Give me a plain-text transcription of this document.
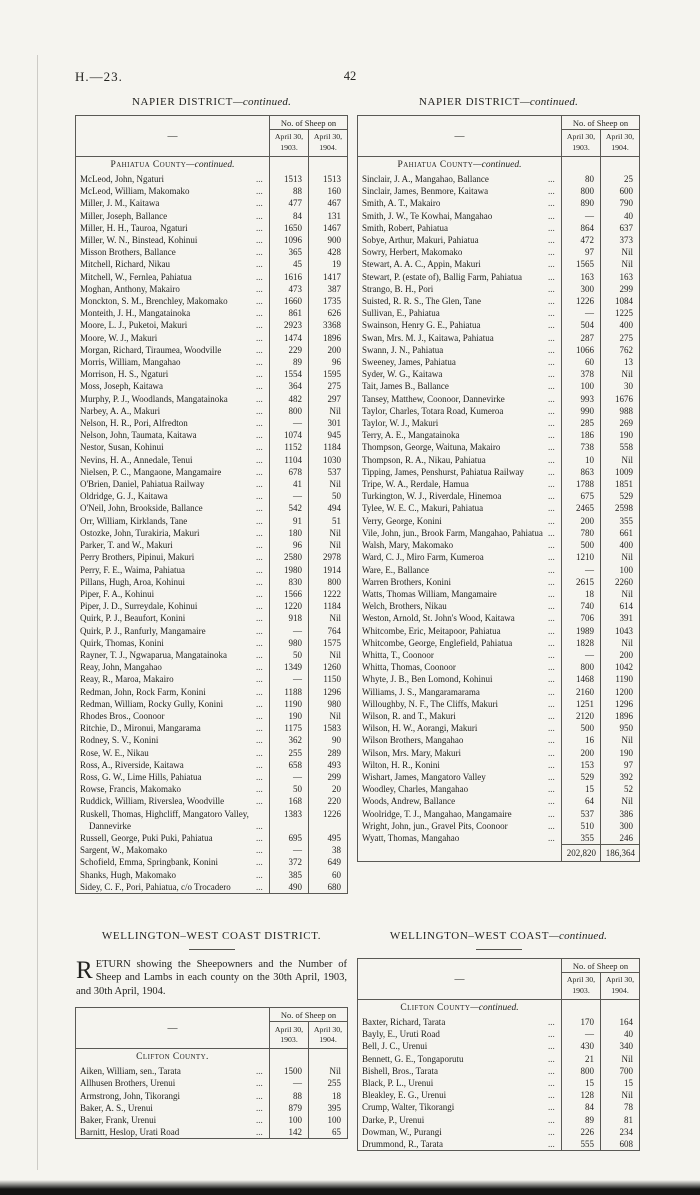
H.—23.	42
NAPIER DISTRICT—continued.
—	No. of Sheep on	
	April 30, 1903.	April 30, 1904.
Pahiatua County—continued.		
McLeod, John, Ngaturi ...	1513	1513
McLeod, William, Makomako ...	88	160
Miller, J. M., Kaitawa ...	477	467
Miller, Joseph, Ballance ...	84	131
Miller, H. H., Tauroa, Ngaturi ...	1650	1467
Miller, W. N., Binstead, Kohinui ...	1096	900
Misson Brothers, Ballance ...	365	428
Mitchell, Richard, Nikau ...	45	19
Mitchell, W., Fernlea, Pahiatua ...	1616	1417
Moghan, Anthony, Makairo ...	473	387
Monckton, S. M., Brenchley, Makomako ...	1660	1735
Monteith, J. H., Mangatainoka ...	861	626
Moore, L. J., Puketoi, Makuri ...	2923	3368
Moore, W. J., Makuri ...	1474	1896
Morgan, Richard, Tiraumea, Woodville ...	229	200
Morris, William, Mangahao ...	89	96
Morrison, H. S., Ngaturi ...	1554	1595
Moss, Joseph, Kaitawa ...	364	275
Murphy, P. J., Woodlands, Mangatainoka ...	482	297
Narbey, A. A., Makuri ...	800	Nil
Nelson, H. R., Pori, Alfredton ...	—	301
Nelson, John, Taumata, Kaitawa ...	1074	945
Nestor, Susan, Kohinui ...	1152	1184
Nevins, H. A., Annedale, Tenui ...	1104	1030
Nielsen, P. C., Mangaone, Mangamaire ...	678	537
O'Brien, Daniel, Pahiatua Railway ...	41	Nil
Oldridge, G. J., Kaitawa ...	—	50
O'Neil, John, Brookside, Ballance ...	542	494
Orr, William, Kirklands, Tane ...	91	51
Ostozke, John, Turakiria, Makuri ...	180	Nil
Parker, T. and W., Makuri ...	96	Nil
Perry Brothers, Pipinui, Makuri ...	2580	2978
Perry, F. E., Waima, Pahiatua ...	1980	1914
Pillans, Hugh, Aroa, Kohinui ...	830	800
Piper, F. A., Kohinui ...	1566	1222
Piper, J. D., Surreydale, Kohinui ...	1220	1184
Quirk, P. J., Beaufort, Konini ...	918	Nil
Quirk, P. J., Ranfurly, Mangamaire ...	—	764
Quirk, Thomas, Konini ...	980	1575
Rayner, T. J., Ngwaparua, Mangatainoka ...	50	Nil
Reay, John, Mangahao ...	1349	1260
Reay, R., Maroa, Makairo ...	—	1150
Redman, John, Rock Farm, Konini ...	1188	1296
Redman, William, Rocky Gully, Konini ...	1190	980
Rhodes Bros., Coonoor ...	190	Nil
Ritchie, D., Mironui, Mangarama ...	1175	1583
Rodney, S. V., Konini ...	362	90
Rose, W. E., Nikau ...	255	289
Ross, A., Riverside, Kaitawa ...	658	493
Ross, G. W., Lime Hills, Pahiatua ...	—	299
Rowse, Francis, Makomako ...	50	20
Ruddick, William, Riverslea, Woodville ...	168	220
Ruskell, Thomas, Highcliff, Mangatoro Valley, Dannevirke ...	1383	1226
Russell, George, Puki Puki, Pahiatua ...	695	495
Sargent, W., Makomako ...	—	38
Schofield, Emma, Springbank, Konini ...	372	649
Shanks, Hugh, Makomako ...	385	60
Sidey, C. F., Pori, Pahiatua, c/o Trocadero ...	490	680
NAPIER DISTRICT—continued.
—	No. of Sheep on	
	April 30, 1903.	April 30, 1904.
Pahiatua County—continued.		
Sinclair, J. A., Mangahao, Ballance ...	80	25
Sinclair, James, Benmore, Kaitawa ...	800	600
Smith, A. T., Makairo ...	890	790
Smith, J. W., Te Kowhai, Mangahao ...	—	40
Smith, Robert, Pahiatua ...	864	637
Sobye, Arthur, Makuri, Pahiatua ...	472	373
Sowry, Herbert, Makomako ...	97	Nil
Stewart, A. A. C., Appin, Makuri ...	1565	Nil
Stewart, P. (estate of), Ballig Farm, Pahiatua ...	163	163
Strango, B. H., Pori ...	300	299
Suisted, R. R. S., The Glen, Tane ...	1226	1084
Sullivan, E., Pahiatua ...	—	1225
Swainson, Henry G. E., Pahiatua ...	504	400
Swan, Mrs. M. J., Kaitawa, Pahiatua ...	287	275
Swann, J. N., Pahiatua ...	1066	762
Sweeney, James, Pahiatua ...	60	13
Syder, W. G., Kaitawa ...	378	Nil
Tait, James B., Ballance ...	100	30
Tansey, Matthew, Coonoor, Dannevirke ...	993	1676
Taylor, Charles, Totara Road, Kumeroa ...	990	988
Taylor, W. J., Makuri ...	285	269
Terry, A. E., Mangatainoka ...	186	190
Thompson, George, Waituna, Makairo ...	738	558
Thompson, R. A., Nikau, Pahiatua ...	10	Nil
Tipping, James, Penshurst, Pahiatua Railway ...	863	1009
Tripe, W. A., Rerdale, Hamua ...	1788	1851
Turkington, W. J., Riverdale, Hinemoa ...	675	529
Tylee, W. E. C., Makuri, Pahiatua ...	2465	2598
Verry, George, Konini ...	200	355
Vile, John, jun., Brook Farm, Mangahao, Pahiatua ...	780	661
Walsh, Mary, Makomako ...	500	400
Ward, C. J., Miro Farm, Kumeroa ...	1210	Nil
Ware, E., Ballance ...	—	100
Warren Brothers, Konini ...	2615	2260
Watts, Thomas William, Mangamaire ...	18	Nil
Welch, Brothers, Nikau ...	740	614
Weston, Arnold, St. John's Wood, Kaitawa ...	706	391
Whitcombe, Eric, Meitapoor, Pahiatua ...	1989	1043
Whitcombe, George, Englefield, Pahiatua ...	1828	Nil
Whitta, T., Coonoor ...	—	200
Whitta, Thomas, Coonoor ...	800	1042
Whyte, J. B., Ben Lomond, Kohinui ...	1468	1190
Williams, J. S., Mangaramarama ...	2160	1200
Willoughby, N. F., The Cliffs, Makuri ...	1251	1296
Wilson, R. and T., Makuri ...	2120	1896
Wilson, H. W., Aorangi, Makuri ...	500	950
Wilson Brothers, Mangahao ...	16	Nil
Wilson, Mrs. Mary, Makuri ...	200	190
Wilton, H. R., Konini ...	153	97
Wishart, James, Mangatoro Valley ...	529	392
Woodley, Charles, Mangahao ...	15	52
Woods, Andrew, Ballance ...	64	Nil
Woolridge, T. J., Mangahao, Mangamaire ...	537	386
Wright, John, jun., Gravel Pits, Coonoor ...	510	300
Wyatt, Thomas, Mangahao ...	355	246
	202,820	186,364
WELLINGTON–WEST COAST DISTRICT.

RETURN showing the Sheepowners and the Number of Sheep and Lambs in each county on the 30th April, 1903, and 30th April, 1904.

—	No. of Sheep on	
	April 30, 1903.	April 30, 1904.
Clifton County.		
Aiken, William, sen., Tarata ...	1500	Nil
Allhusen Brothers, Urenui ...	—	255
Armstrong, John, Tikorangi ...	88	18
Baker, A. S., Urenui ...	879	395
Baker, Frank, Urenui ...	100	100
Barnitt, Heslop, Urati Road ...	142	65
WELLINGTON–WEST COAST—continued.
—	No. of Sheep on	
	April 30, 1903.	April 30, 1904.
Clifton County—continued.		
Baxter, Richard, Tarata ...	170	164
Bayly, E., Uruti Road ...	—	40
Bell, J. C., Urenui ...	430	340
Bennett, G. E., Tongaporutu ...	21	Nil
Bishell, Bros., Tarata ...	800	700
Black, P. L., Urenui ...	15	15
Bleakley, E. G., Urenui ...	128	Nil
Crump, Walter, Tikorangi ...	84	78
Darke, P., Urenui ...	89	81
Dowman, W., Purangi ...	226	234
Drummond, R., Tarata ...	555	608
